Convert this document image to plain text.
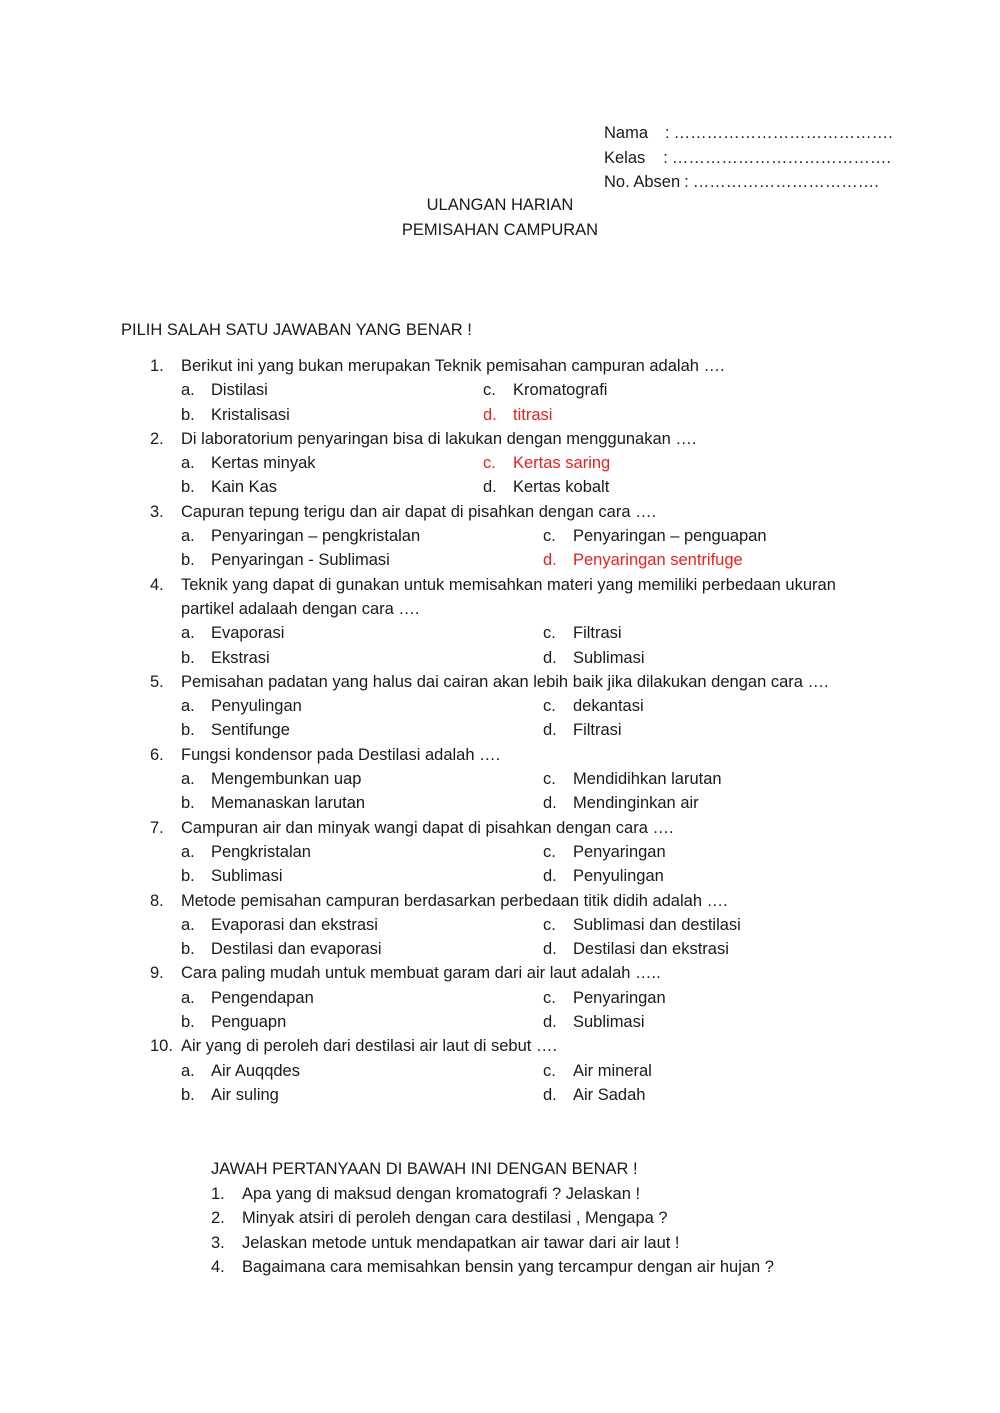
Nama : ………………………………….
Kelas : ………………………………….
No. Absen : …………………………….
ULANGAN HARIAN
PEMISAHAN CAMPURAN
PILIH SALAH SATU JAWABAN YANG BENAR !
1.	Berikut ini yang bukan merupakan Teknik pemisahan campuran adalah ….
a. Distilasi	c. Kromatografi
b. Kristalisasi	d. titrasi
2.	Di laboratorium penyaringan bisa di lakukan dengan menggunakan ….
a. Kertas minyak	c. Kertas saring
b. Kain Kas	d. Kertas kobalt
3.	Capuran tepung terigu dan air dapat di pisahkan dengan cara ….
a. Penyaringan – pengkristalan	c. Penyaringan – penguapan
b. Penyaringan - Sublimasi	d. Penyaringan sentrifuge
4.	Teknik yang dapat di gunakan untuk memisahkan materi yang memiliki perbedaan ukuran partikel adalaah dengan cara ….
a. Evaporasi	c. Filtrasi
b. Ekstrasi	d. Sublimasi
5.	Pemisahan padatan yang halus dai cairan akan lebih baik jika dilakukan dengan cara ….
a. Penyulingan	c. dekantasi
b. Sentifunge	d. Filtrasi
6.	Fungsi kondensor pada Destilasi adalah ….
a. Mengembunkan uap	c. Mendidihkan larutan
b. Memanaskan larutan	d. Mendinginkan air
7.	Campuran air dan minyak wangi dapat di pisahkan dengan cara ….
a. Pengkristalan	c. Penyaringan
b. Sublimasi	d. Penyulingan
8.	Metode pemisahan campuran berdasarkan perbedaan titik didih adalah ….
a. Evaporasi dan ekstrasi	c. Sublimasi dan destilasi
b. Destilasi dan evaporasi	d. Destilasi dan ekstrasi
9.	Cara paling mudah untuk membuat garam dari air laut adalah …..
a. Pengendapan	c. Penyaringan
b. Penguapn	d. Sublimasi
10. Air yang di peroleh dari destilasi air laut di sebut ….
a. Air Auqqdes	c. Air mineral
b. Air suling	d. Air Sadah
JAWAH PERTANYAAN DI BAWAH INI DENGAN BENAR !
1. Apa yang di maksud dengan kromatografi ? Jelaskan !
2. Minyak atsiri di peroleh dengan cara destilasi , Mengapa ?
3. Jelaskan metode untuk mendapatkan air tawar dari air laut !
4. Bagaimana cara memisahkan bensin yang tercampur dengan air hujan ?
